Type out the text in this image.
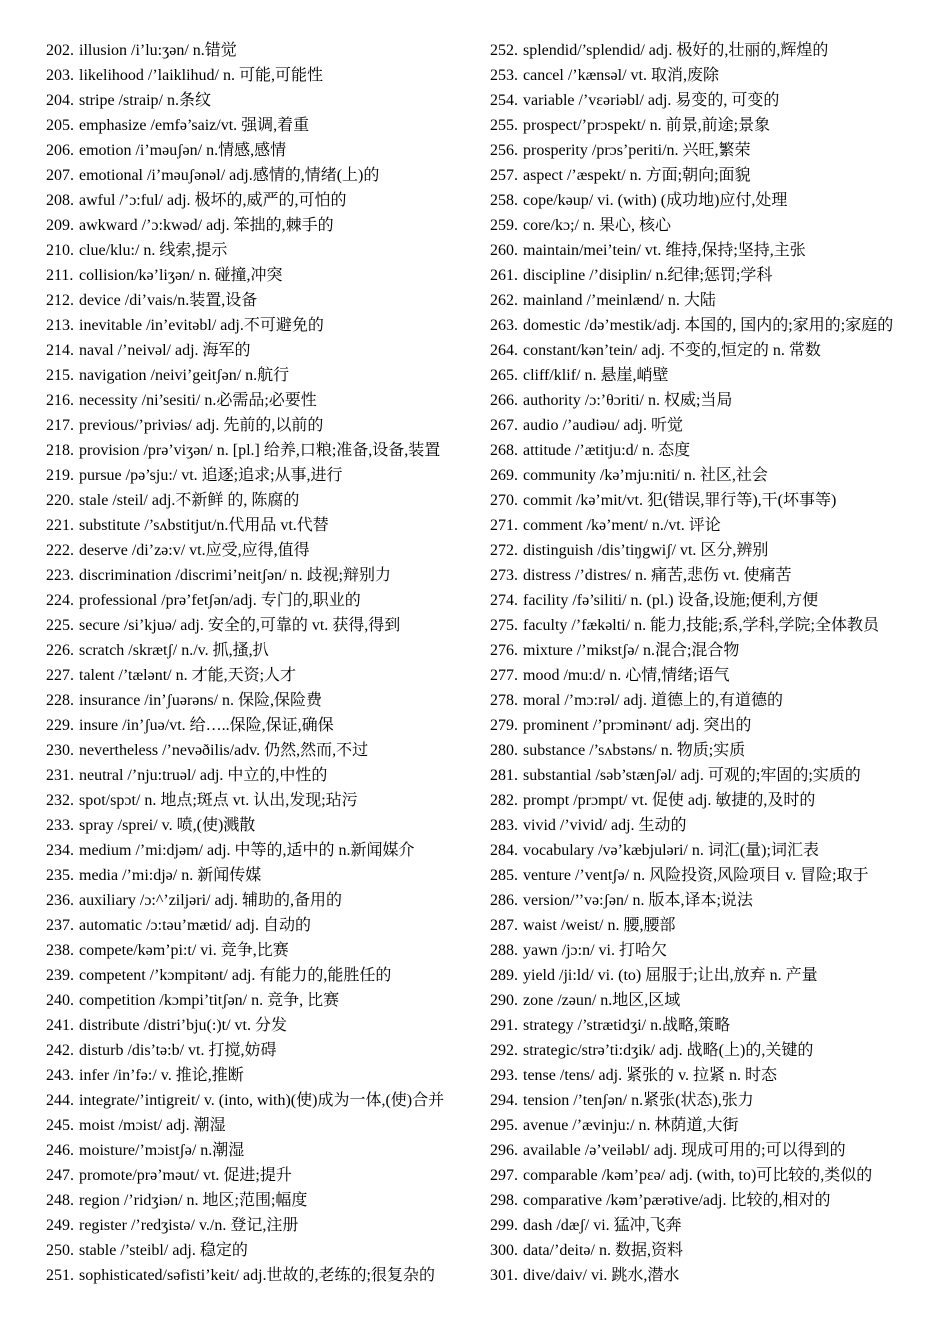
202. illusion /i’lu:ʒən/ n.错觉
203. likelihood /’laiklihud/ n. 可能,可能性
204. stripe /straip/ n.条纹
205. emphasize /emfə’saiz/vt. 强调,着重
206. emotion /i’məuʃən/ n.情感,感情
207. emotional /i’məuʃənəl/ adj.感情的,情绪(上)的
208. awful /’ɔ:ful/ adj. 极坏的,威严的,可怕的
209. awkward /’ɔ:kwəd/ adj. 笨拙的,棘手的
210. clue/klu:/ n. 线索,提示
211. collision/kə’liʒən/ n. 碰撞,冲突
212. device /di’vais/n.装置,设备
213. inevitable /in’evitəbl/ adj.不可避免的
214. naval /’neivəl/ adj. 海军的
215. navigation /neivi’geitʃən/ n.航行
216. necessity /ni’sesiti/ n.必需品;必要性
217. previous/’priviəs/ adj. 先前的,以前的
218. provision /prə’viʒən/ n. [pl.] 给养,口粮;准备,设备,装置
219. pursue /pə’sju:/ vt. 追逐;追求;从事,进行
220. stale /steil/ adj.不新鲜 的, 陈腐的
221. substitute /’sʌbstitjut/n.代用品 vt.代替
222. deserve /di’zə:v/ vt.应受,应得,值得
223. discrimination /discrimi’neitʃən/ n. 歧视;辩别力
224. professional /prə’fetʃən/adj. 专门的,职业的
225. secure /si’kjuə/ adj. 安全的,可靠的 vt. 获得,得到
226. scratch /skrætʃ/ n./v. 抓,搔,扒
227. talent /’tælənt/ n. 才能,天资;人才
228. insurance /in’ʃuərəns/ n. 保险,保险费
229. insure /in’ʃuə/vt. 给…..保险,保证,确保
230. nevertheless /’nevəðilis/adv. 仍然,然而,不过
231. neutral /’nju:truəl/ adj. 中立的,中性的
232. spot/spɔt/ n. 地点;斑点 vt. 认出,发现;玷污
233. spray /sprei/ v. 喷,(使)溅散
234. medium /’mi:djəm/ adj. 中等的,适中的 n.新闻媒介
235. media /’mi:djə/ n. 新闻传媒
236. auxiliary /ɔ:^’ziljəri/ adj. 辅助的,备用的
237. automatic /ɔ:təu’mætid/ adj. 自动的
238. compete/kəm’pi:t/ vi. 竞争,比赛
239. competent /’kɔmpitənt/ adj. 有能力的,能胜任的
240. competition /kɔmpi’titʃən/ n. 竞争, 比赛
241. distribute /distri’bju(:)t/ vt. 分发
242. disturb /dis’tə:b/ vt. 打搅,妨碍
243. infer /in’fə:/ v. 推论,推断
244. integrate/’intigreit/ v. (into, with)(使)成为一体,(使)合并
245. moist /mɔist/ adj. 潮湿
246. moisture/’mɔistʃə/ n.潮湿
247. promote/prə’məut/ vt. 促进;提升
248. region /’ridʒiən/ n. 地区;范围;幅度
249. register /’redʒistə/ v./n. 登记,注册
250. stable /’steibl/ adj. 稳定的
251. sophisticated/səfisti’keit/ adj.世故的,老练的;很复杂的
252. splendid/’splendid/ adj. 极好的,壮丽的,辉煌的
253. cancel /’kænsəl/ vt. 取消,废除
254. variable /’vɛəriəbl/ adj. 易变的, 可变的
255. prospect/’prɔspekt/ n. 前景,前途;景象
256. prosperity /prɔs’periti/n. 兴旺,繁荣
257. aspect /’æspekt/ n. 方面;朝向;面貌
258. cope/kəup/ vi. (with) (成功地)应付,处理
259. core/kɔ;/ n. 果心, 核心
260. maintain/mei’tein/ vt. 维持,保持;坚持,主张
261. discipline /’disiplin/ n.纪律;惩罚;学科
262. mainland /’meinlænd/ n. 大陆
263. domestic /də’mestik/adj. 本国的, 国内的;家用的;家庭的
264. constant/kən’tein/ adj. 不变的,恒定的 n. 常数
265. cliff/klif/ n. 悬崖,峭壁
266. authority /ɔ:’θɔriti/ n. 权威;当局
267. audio /’audiəu/ adj. 听觉
268. attitude /’ætitju:d/ n. 态度
269. community /kə’mju:niti/ n. 社区,社会
270. commit /kə’mit/vt. 犯(错误,罪行等),干(坏事等)
271. comment /kə’ment/ n./vt. 评论
272. distinguish /dis’tiŋgwiʃ/ vt. 区分,辨别
273. distress /’distres/ n. 痛苦,悲伤 vt. 使痛苦
274. facility /fə’siliti/ n. (pl.) 设备,设施;便利,方便
275. faculty /’fækəlti/ n. 能力,技能;系,学科,学院;全体教员
276. mixture /’mikstʃə/ n.混合;混合物
277. mood /mu:d/ n. 心情,情绪;语气
278. moral /’mɔ:rəl/ adj. 道德上的,有道德的
279. prominent /’prɔminənt/ adj. 突出的
280. substance /’sʌbstəns/ n. 物质;实质
281. substantial /səb’stænʃəl/ adj. 可观的;牢固的;实质的
282. prompt /prɔmpt/ vt. 促使 adj. 敏捷的,及时的
283. vivid /’vivid/ adj. 生动的
284. vocabulary /və’kæbjuləri/ n. 词汇(量);词汇表
285. venture /’ventʃə/ n. 风险投资,风险项目 v. 冒险;取于
286. version/’’və:ʃən/ n. 版本,译本;说法
287. waist /weist/ n. 腰,腰部
288. yawn /jɔ:n/ vi. 打哈欠
289. yield /ji:ld/ vi. (to) 屈服于;让出,放弃 n. 产量
290. zone /zəun/ n.地区,区域
291. strategy /’strætidʒi/ n.战略,策略
292. strategic/strə’ti:dʒik/ adj. 战略(上)的,关键的
293. tense /tens/ adj. 紧张的 v. 拉紧 n. 时态
294. tension /’tenʃən/ n.紧张(状态),张力
295. avenue /’ævinju:/ n. 林荫道,大街
296. available /ə’veiləbl/ adj. 现成可用的;可以得到的
297. comparable /kəm’pɛə/ adj. (with, to)可比较的,类似的
298. comparative /kəm’pærətive/adj. 比较的,相对的
299. dash /dæʃ/ vi. 猛冲,飞奔
300. data/’deitə/ n. 数据,资料
301. dive/daiv/ vi. 跳水,潜水
